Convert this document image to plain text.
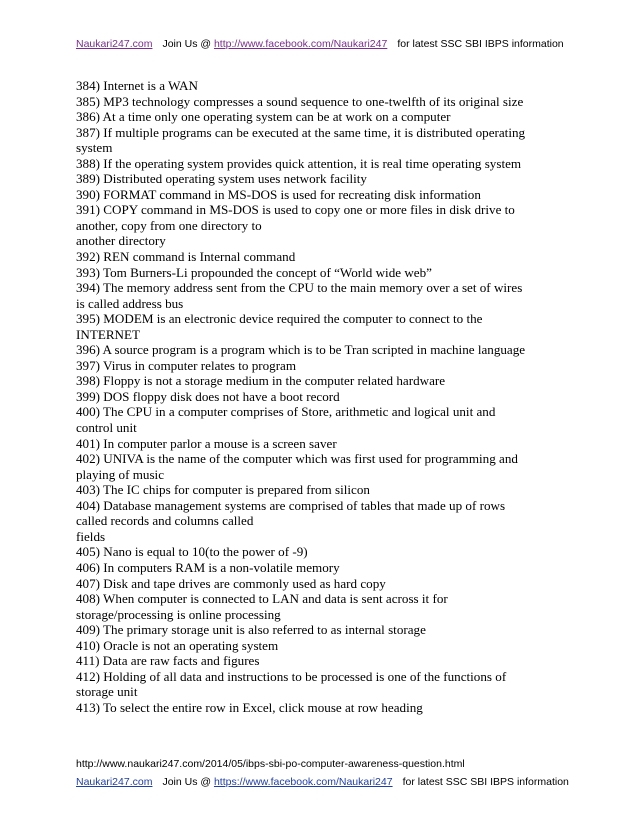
Naukari247.com Join Us @ http://www.facebook.com/Naukari247 for latest SSC SBI IBPS information
384) Internet is a WAN
385) MP3 technology compresses a sound sequence to one-twelfth of its original size
386) At a time only one operating system can be at work on a computer
387) If multiple programs can be executed at the same time, it is distributed operating
system
388) If the operating system provides quick attention, it is real time operating system
389) Distributed operating system uses network facility
390) FORMAT command in MS-DOS is used for recreating disk information
391) COPY command in MS-DOS is used to copy one or more files in disk drive to
another, copy from one directory to
another directory
392) REN command is Internal command
393) Tom Burners-Li propounded the concept of “World wide web”
394) The memory address sent from the CPU to the main memory over a set of wires
is called address bus
395) MODEM is an electronic device required the computer to connect to the
INTERNET
396) A source program is a program which is to be Tran scripted in machine language
397) Virus in computer relates to program
398) Floppy is not a storage medium in the computer related hardware
399) DOS floppy disk does not have a boot record
400) The CPU in a computer comprises of Store, arithmetic and logical unit and
control unit
401) In computer parlor a mouse is a screen saver
402) UNIVA is the name of the computer which was first used for programming and
playing of music
403) The IC chips for computer is prepared from silicon
404) Database management systems are comprised of tables that made up of rows
called records and columns called
fields
405) Nano is equal to 10(to the power of -9)
406) In computers RAM is a non-volatile memory
407) Disk and tape drives are commonly used as hard copy
408) When computer is connected to LAN and data is sent across it for
storage/processing is online processing
409) The primary storage unit is also referred to as internal storage
410) Oracle is not an operating system
411) Data are raw facts and figures
412) Holding of all data and instructions to be processed is one of the functions of
storage unit
413) To select the entire row in Excel, click mouse at row heading
http://www.naukari247.com/2014/05/ibps-sbi-po-computer-awareness-question.html
Naukari247.com Join Us @ https://www.facebook.com/Naukari247 for latest SSC SBI IBPS information
